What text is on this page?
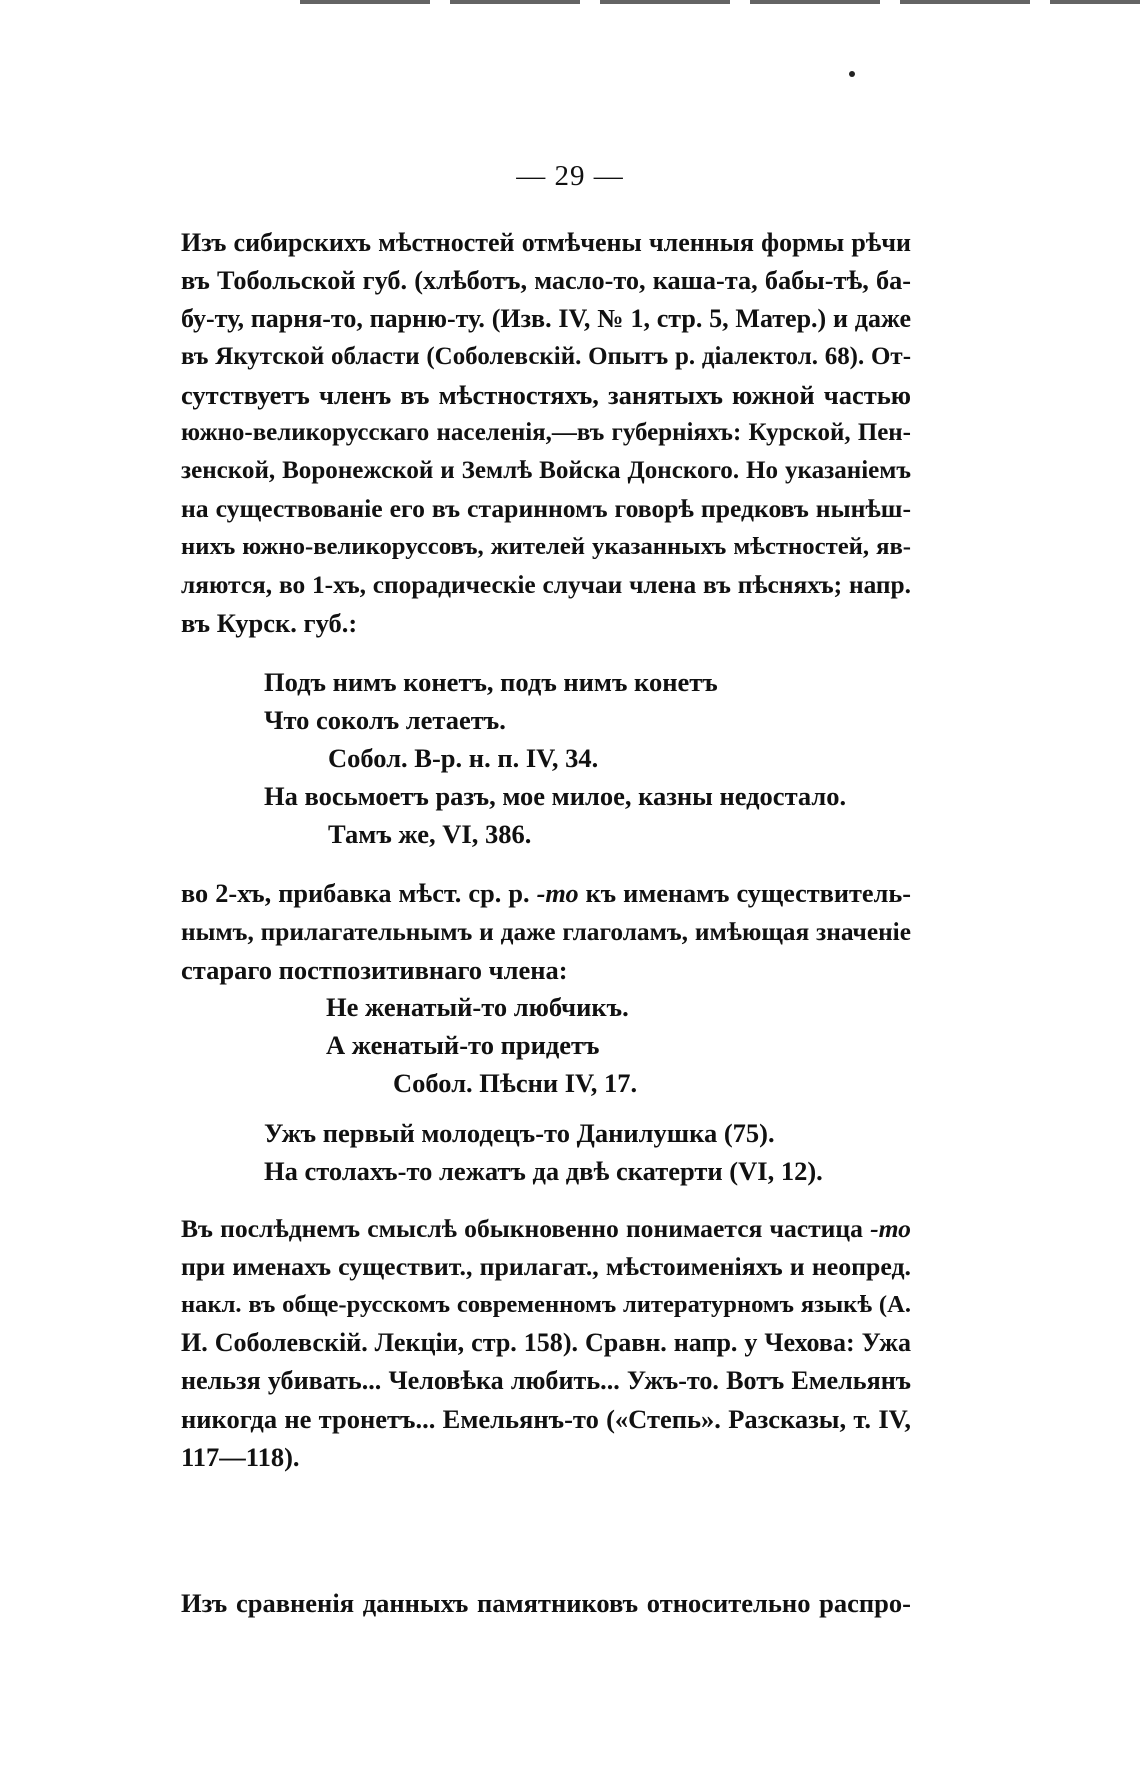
— 29 —
Изъ сибирскихъ мѣстностей отмѣчены членныя формы рѣчи
въ Тобольской губ. (хлѣботъ, масло-то, каша-та, бабы-тѣ, ба-
бу-ту, парня-то, парню-ту. (Изв. IV, № 1, стр. 5, Матер.) и даже
въ Якутской области (Соболевскій. Опытъ р. діалектол. 68). От-
сутствуетъ членъ въ мѣстностяхъ, занятыхъ южной частью
южно-великорусскаго населенія,—въ губерніяхъ: Курской, Пен-
зенской, Воронежской и Землѣ Войска Донского. Но указаніемъ
на существованіе его въ старинномъ говорѣ предковъ нынѣш-
нихъ южно-великоруссовъ, жителей указанныхъ мѣстностей, яв-
ляются, во 1-хъ, спорадическіе случаи члена въ пѣсняхъ; напр.
въ Курск. губ.:
Подъ нимъ конетъ, подъ нимъ конетъ
Что соколъ летаетъ.
Собол. В-р. н. п. IV, 34.
На восьмоетъ разъ, мое милое, казны недостало.
Тамъ же, VI, 386.
во 2-хъ, прибавка мѣст. ср. р. -то къ именамъ существитель-
нымъ, прилагательнымъ и даже глаголамъ, имѣющая значеніе
стараго постпозитивнаго члена:
Не женатый-то любчикъ.
А женатый-то придетъ
Собол. Пѣсни IV, 17.
Ужъ первый молодецъ-то Данилушка (75).
На столахъ-то лежатъ да двѣ скатерти (VI, 12).
Въ послѣднемъ смыслѣ обыкновенно понимается частица -то
при именахъ существит., прилагат., мѣстоименіяхъ и неопред.
накл. въ обще-русскомъ современномъ литературномъ языкѣ (А.
И. Соболевскій. Лекціи, стр. 158). Сравн. напр. у Чехова: Ужа
нельзя убивать... Человѣка любить... Ужъ-то. Вотъ Емельянъ
никогда не тронетъ... Емельянъ-то («Степь». Разсказы, т. IV,
117—118).
Изъ сравненія данныхъ памятниковъ относительно распро-
